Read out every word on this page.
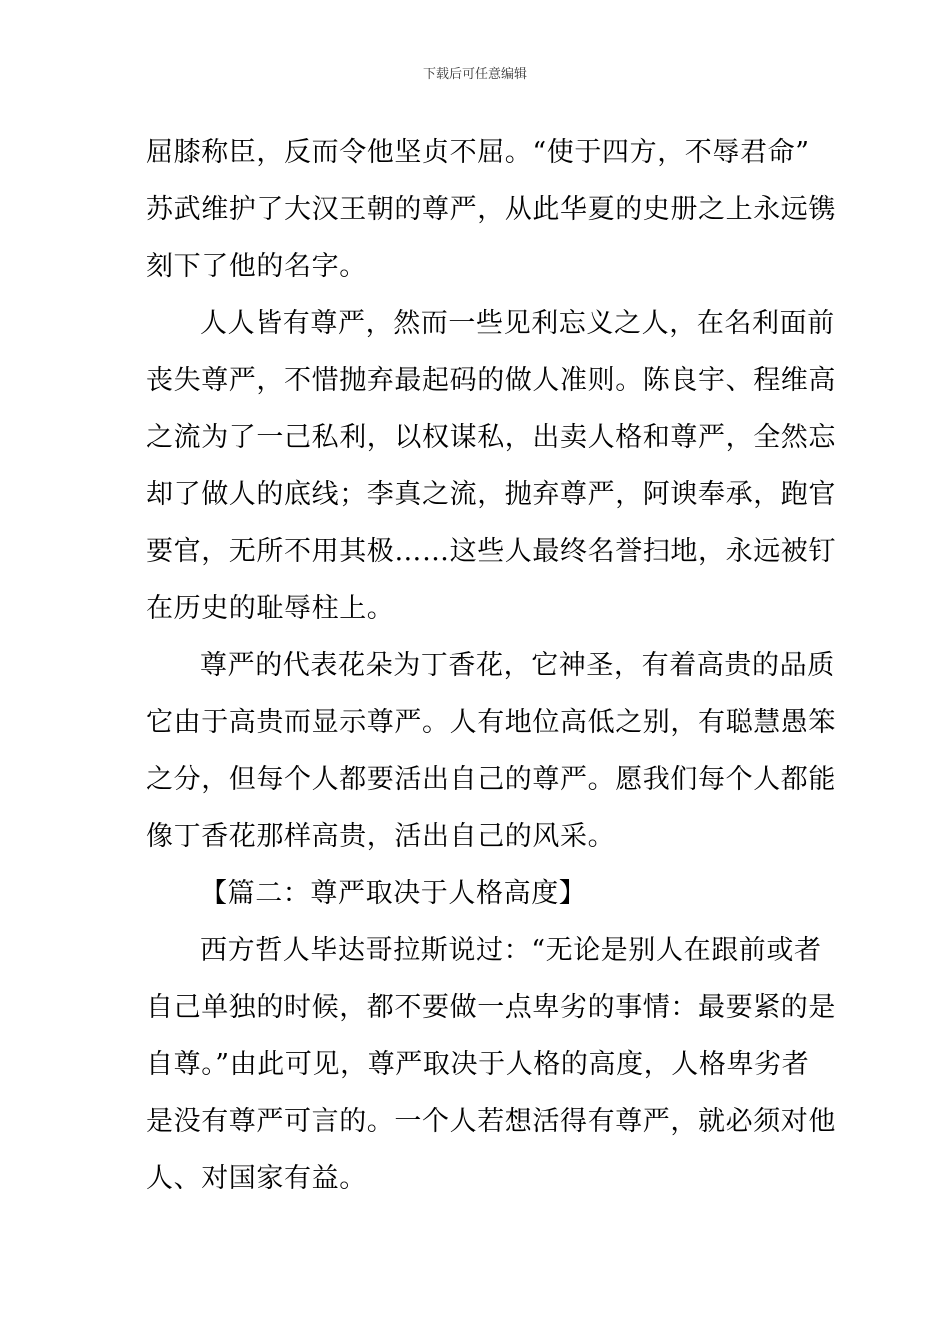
下载后可任意编辑
屈膝称臣，反而令他坚贞不屈。“使于四方，不辱君命”
苏武维护了大汉王朝的尊严，从此华夏的史册之上永远镌
刻下了他的名字。
人人皆有尊严，然而一些见利忘义之人，在名利面前
丧失尊严，不惜抛弃最起码的做人准则。陈良宇、程维高
之流为了一己私利，以权谋私，出卖人格和尊严，全然忘
却了做人的底线；李真之流，抛弃尊严，阿谀奉承，跑官
要官，无所不用其极……这些人最终名誉扫地，永远被钉
在历史的耻辱柱上。
尊严的代表花朵为丁香花，它神圣，有着高贵的品质
它由于高贵而显示尊严。人有地位高低之别，有聪慧愚笨
之分，但每个人都要活出自己的尊严。愿我们每个人都能
像丁香花那样高贵，活出自己的风采。
【篇二：尊严取决于人格高度】
西方哲人毕达哥拉斯说过：“无论是别人在跟前或者
自己单独的时候，都不要做一点卑劣的事情：最要紧的是
自尊。”由此可见，尊严取决于人格的高度，人格卑劣者
是没有尊严可言的。一个人若想活得有尊严，就必须对他
人、对国家有益。
